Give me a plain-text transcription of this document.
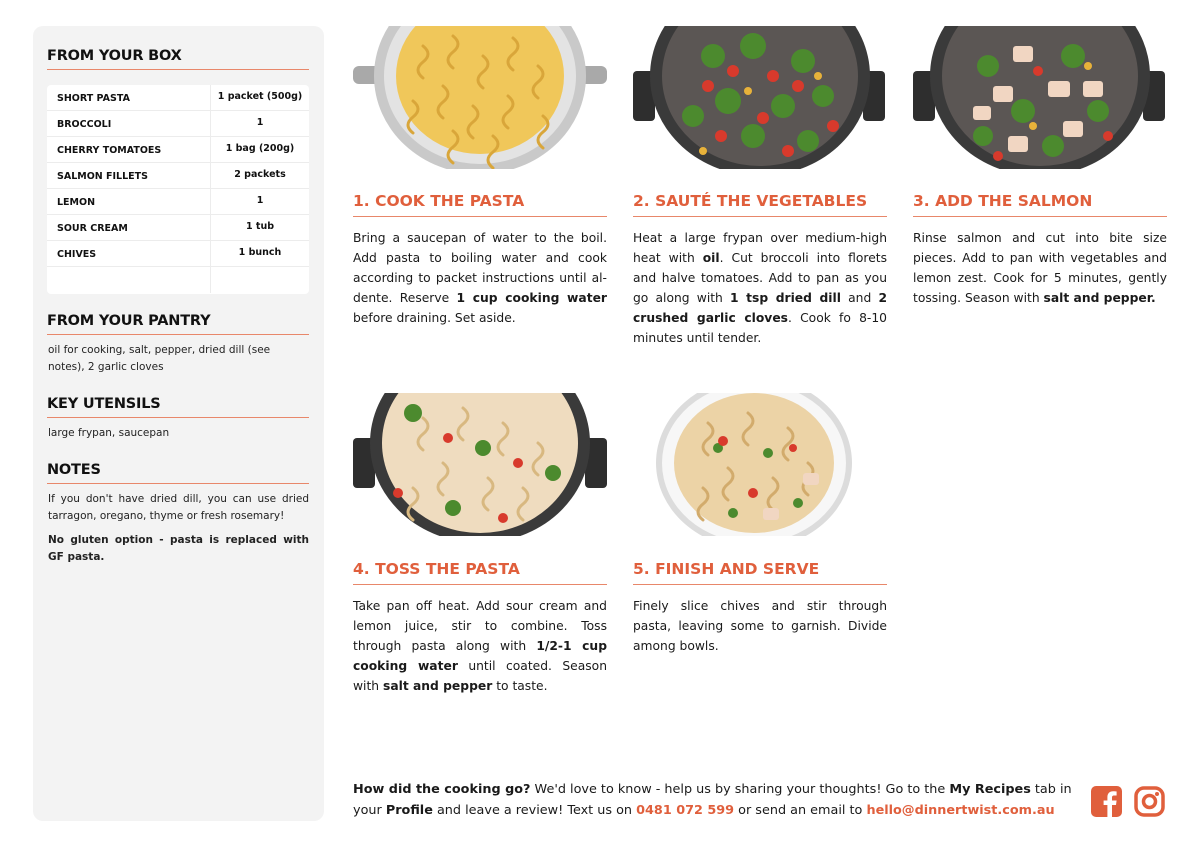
FROM YOUR BOX
SHORT PASTA	1 packet (500g)
BROCCOLI	1
CHERRY TOMATOES	1 bag (200g)
SALMON FILLETS	2 packets
LEMON	1
SOUR CREAM	1 tub
CHIVES	1 bunch
FROM YOUR PANTRY
oil for cooking, salt, pepper, dried dill (see notes), 2 garlic cloves
KEY UTENSILS
large frypan, saucepan
NOTES
If you don't have dried dill, you can use dried tarragon, oregano, thyme or fresh rosemary!
No gluten option - pasta is replaced with GF pasta.
1. COOK THE PASTA
Bring a saucepan of water to the boil. Add pasta to boiling water and cook according to packet instructions until al-dente. Reserve 1 cup cooking water before draining. Set aside.
2. SAUTÉ THE VEGETABLES
Heat a large frypan over medium-high heat with oil. Cut broccoli into florets and halve tomatoes. Add to pan as you go along with 1 tsp dried dill and 2 crushed garlic cloves. Cook fo 8-10 minutes until tender.
3. ADD THE SALMON
Rinse salmon and cut into bite size pieces. Add to pan with vegetables and lemon zest. Cook for 5 minutes, gently tossing. Season with salt and pepper.
4. TOSS THE PASTA
Take pan off heat. Add sour cream and lemon juice, stir to combine. Toss through pasta along with 1/2-1 cup cooking water until coated. Season with salt and pepper to taste.
5. FINISH AND SERVE
Finely slice chives and stir through pasta, leaving some to garnish. Divide among bowls.
How did the cooking go? We'd love to know - help us by sharing your thoughts! Go to the My Recipes tab in your Profile and leave a review! Text us on 0481 072 599 or send an email to hello@dinnertwist.com.au
